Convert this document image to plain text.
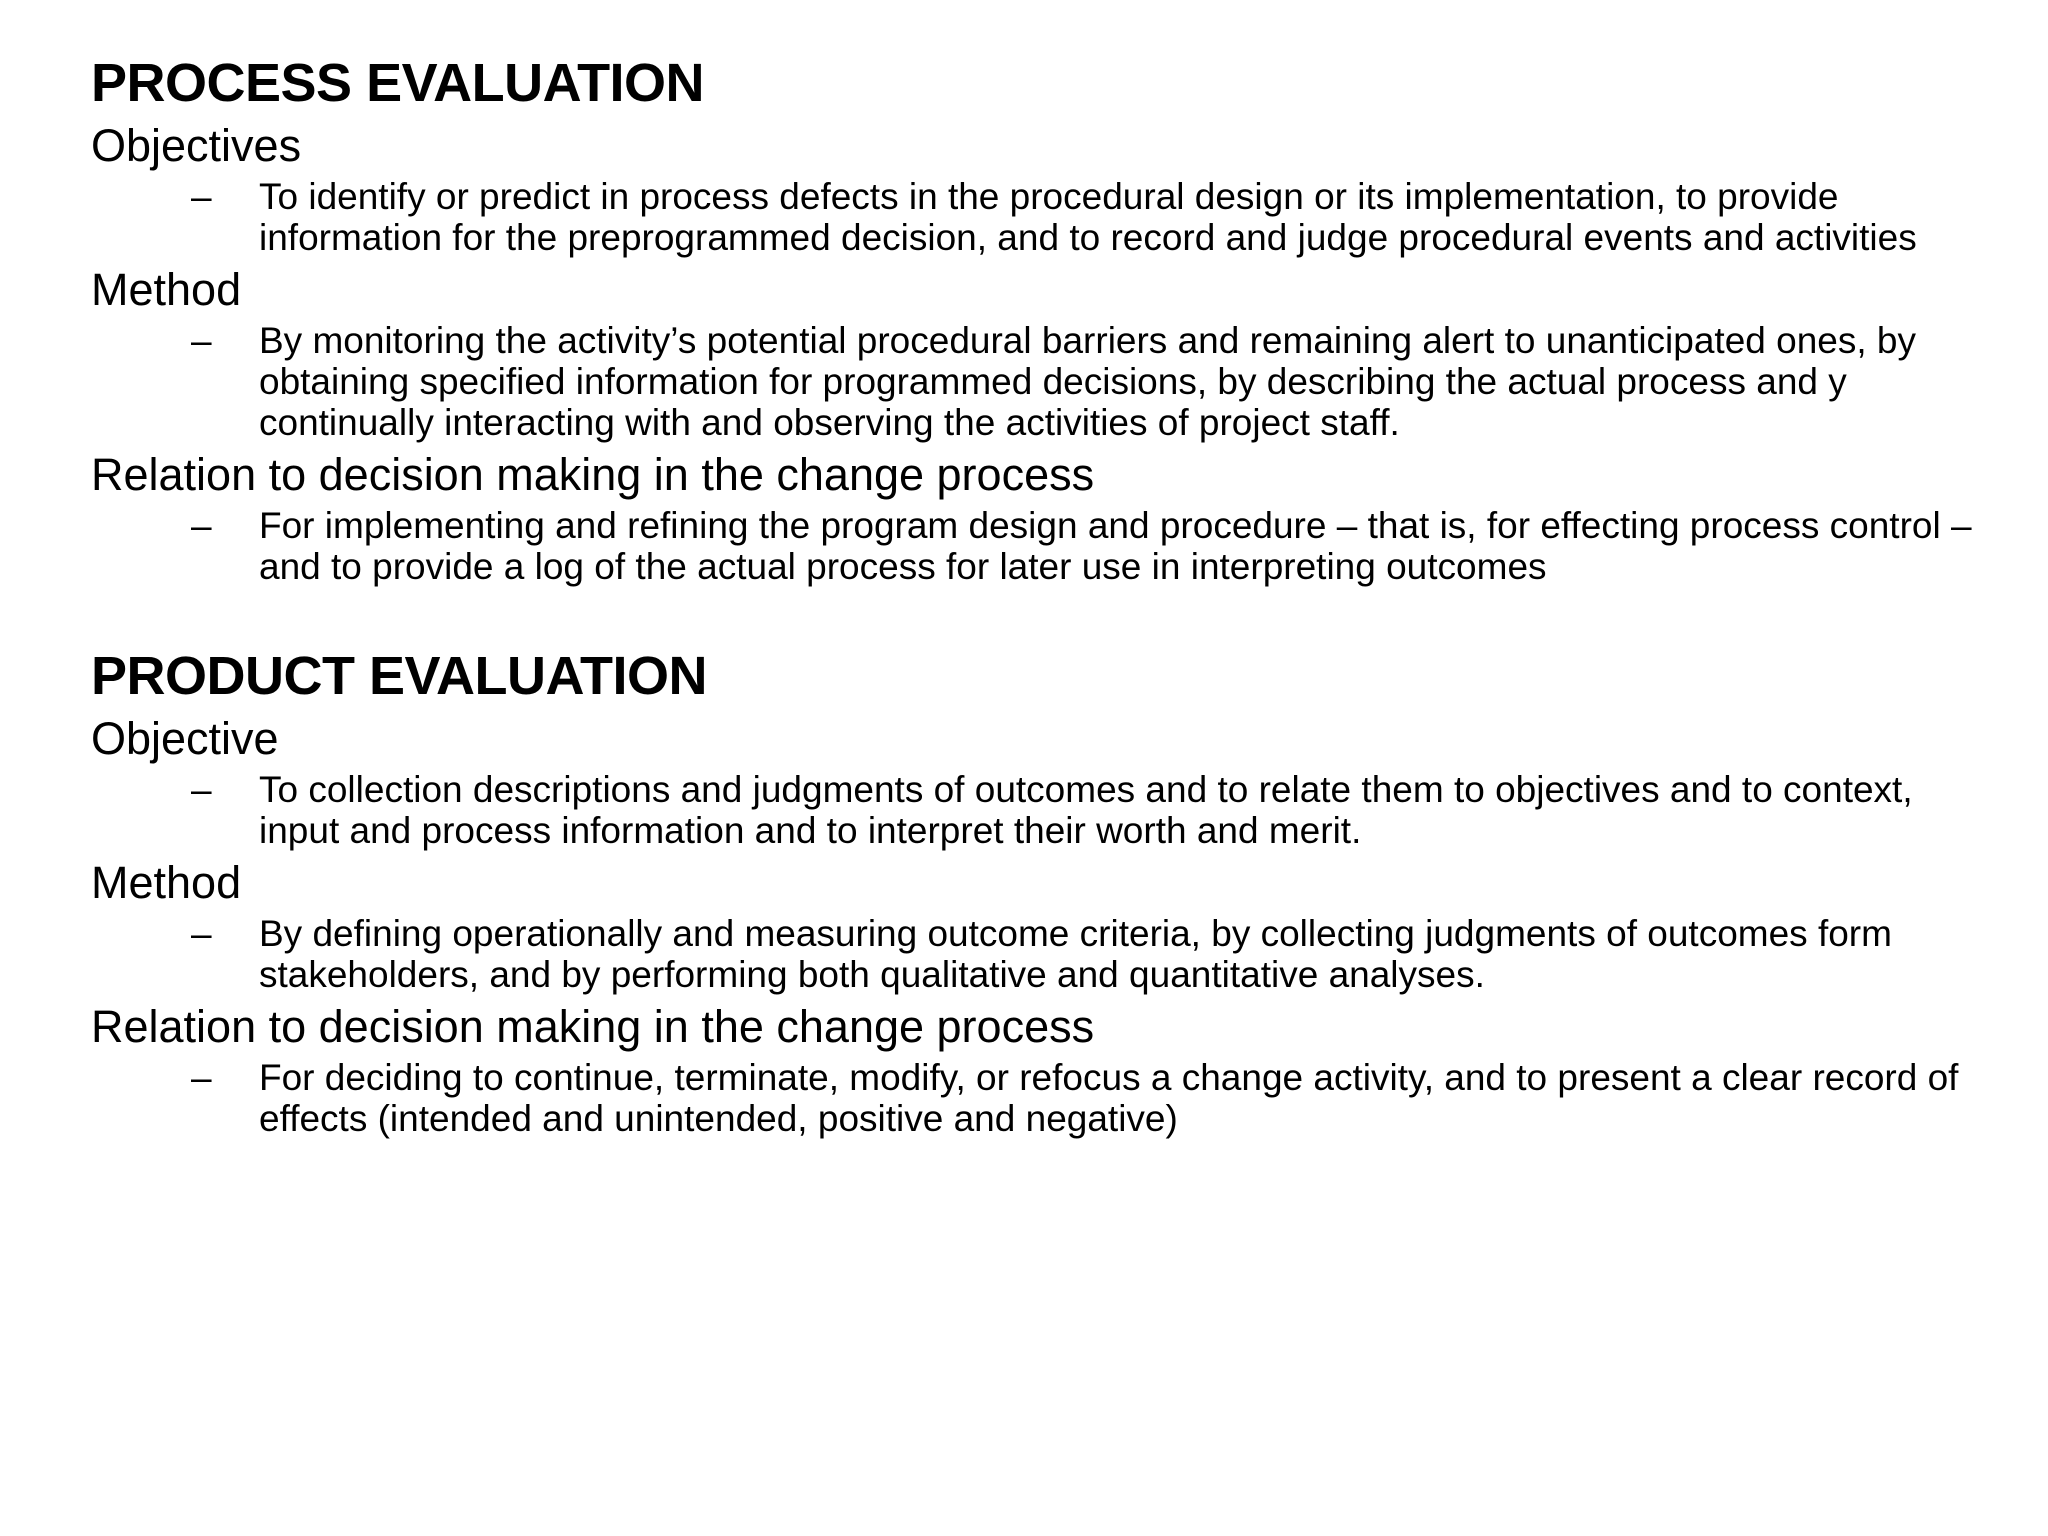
PROCESS EVALUATION
Objectives
– To identify or predict in process defects in the procedural design or its implementation, to provide information for the preprogrammed decision, and to record and judge procedural events and activities
Method
– By monitoring the activity’s potential procedural barriers and remaining alert to unanticipated ones, by obtaining specified information for programmed decisions, by describing the actual process and y continually interacting with and observing the activities of project staff.
Relation to decision making in the change process
– For implementing and refining the program design and procedure – that is, for effecting process control – and to provide a log of the actual process for later use in interpreting outcomes
PRODUCT EVALUATION
Objective
– To collection descriptions and judgments of outcomes and to relate them to objectives and to context, input and process information and to interpret their worth and merit.
Method
– By defining operationally and measuring outcome criteria, by collecting judgments of outcomes form stakeholders, and by performing both qualitative and quantitative analyses.
Relation to decision making in the change process
– For deciding to continue, terminate, modify, or refocus a change activity, and to present a clear record of effects (intended and unintended, positive and negative)
